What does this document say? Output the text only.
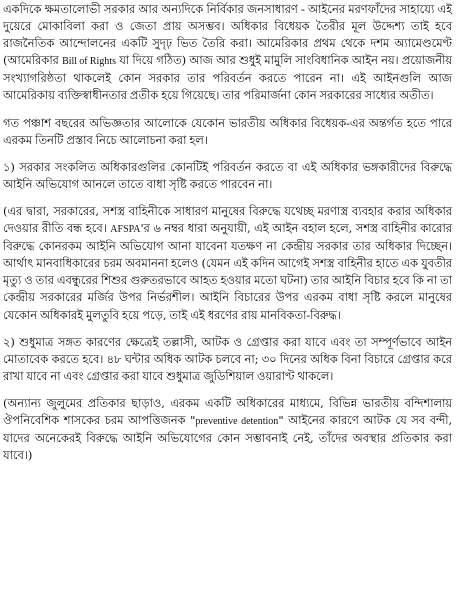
একদিকে ক্ষমতালোভী সরকার আর অন্যদিকে নির্বিকার জনসাধারণ - আইনের মরণফাঁদের সাহায্যে এই দুয়েরে মোকাবিলা করা ও জেতা প্রায় অসম্ভব। অধিকার বিধেয়ক তৈরীর মূল উদ্দেশ্য তাই হবে রাজনৈতিক আন্দোলনের একটি সুদৃঢ় ভিত তৈরি করা। আমেরিকার প্রথম থেকে দশম অ্যামেণ্ডমেণ্ট (আমেরিকার Bill of Rights যা দিয়ে গঠিত) আজ আর শুধুই মামুলি সাংবিধানিক আইন নয়। প্রয়োজনীয় সংখ্যাগরিষ্ঠতা থাকলেই কোন সরকার তার পরিবর্তন করতে পারেন না। এই আইনগুলি আজ আমেরিকায় ব্যক্তিস্বাধীনতার প্রতীক হয়ে গিয়েছে। তার পরিমার্জনা কোন সরকারের সাধ্যের অতীত।

গত পঞ্চাশ বছরের অভিজ্ঞতার আলোকে যেকোন ভারতীয় অধিকার বিধেয়ক-এর অন্তর্গত হতে পারে এরকম তিনটি প্রস্তাব নিচে আলোচনা করা হল।

১) সরকার সংকলিত অধিকারগুলির কোনটিই পরিবর্তন করতে বা এই অধিকার ভঙ্গকারীদের বিরুদ্ধে আইনি অভিযোগ আনলে তাতে বাধা সৃষ্টি করতে পারবেন না।

(এর দ্বারা, সরকারের, সশস্ত্র বাহিনীকে সাধারণ মানুষের বিরুদ্ধে যথেচ্ছ মরণাস্ত্র ব্যবহার করার অধিকার দেওয়ার রীতি বন্ধ হবে। AFSPA'র ৬ নম্বর ধারা অনুযায়ী, এই আইন বহাল হলে, সশস্ত্র বাহিনীর কারোর বিরুদ্ধে কোনরকম আইনি অভিযোগ আনা যাবেনা যতক্ষণ না কেন্দ্রীয় সরকার তার অধিকার দিচ্ছেন। আর্থাৎ মানবাধিকারের চরম অবমাননা হলেও (যেমন এই কদিন আগেই সশস্ত্র বাহিনীর হাতে এক যুবতীর মৃত্যু ও তার এবন্ধুরের শিশুর গুরুতরভাবে আহত হওয়ার মতো ঘটনা) তার আইনি বিচার হবে কি না তা কেন্দ্রীয় সরকারের মর্জির উপর নির্ভরশীল। আইনি বিচারের উপর এরকম বাধা সৃষ্টি করলে মানুষের যেকোন অধিকারই মুলতুবি হয়ে পড়ে, তাই এই ধরণের রায় মানবিকতা-বিরুদ্ধ।

২) শুধুমাত্র সঙ্গত কারণের ক্ষেত্রেই তল্লাসী, আটক ও গ্রেপ্তার করা যাবে এবং তা সম্পূর্ণভাবে আইন মোতাবেক করতে হবে। ৪৮ ঘন্টার অধিক আটক চলবে না; ৩০ দিনের অধিক বিনা বিচারে গ্রেপ্তার করে রাখা যাবে না এবং গ্রেপ্তার করা যাবে শুধুমাত্র জুডিশিয়াল ওয়ারাণ্ট থাকলে।

(অন্যান্য জুলুমের প্রতিকার ছাড়াও, এরকম একটি অধিকারের মাধ্যমে, বিভিন্ন ভারতীয় বন্দিশালায় ঔপনিবেশিক শাসকের চরম আপত্তিজনক "preventive detention" আইনের কারণে আটক যে সব বন্দী, যাদের অনেকেরই বিরুদ্ধে আইনি অভিযোগের কোন সম্ভাবনাই নেই, তাঁদের অবস্থার প্রতিকার করা যাবে।)
